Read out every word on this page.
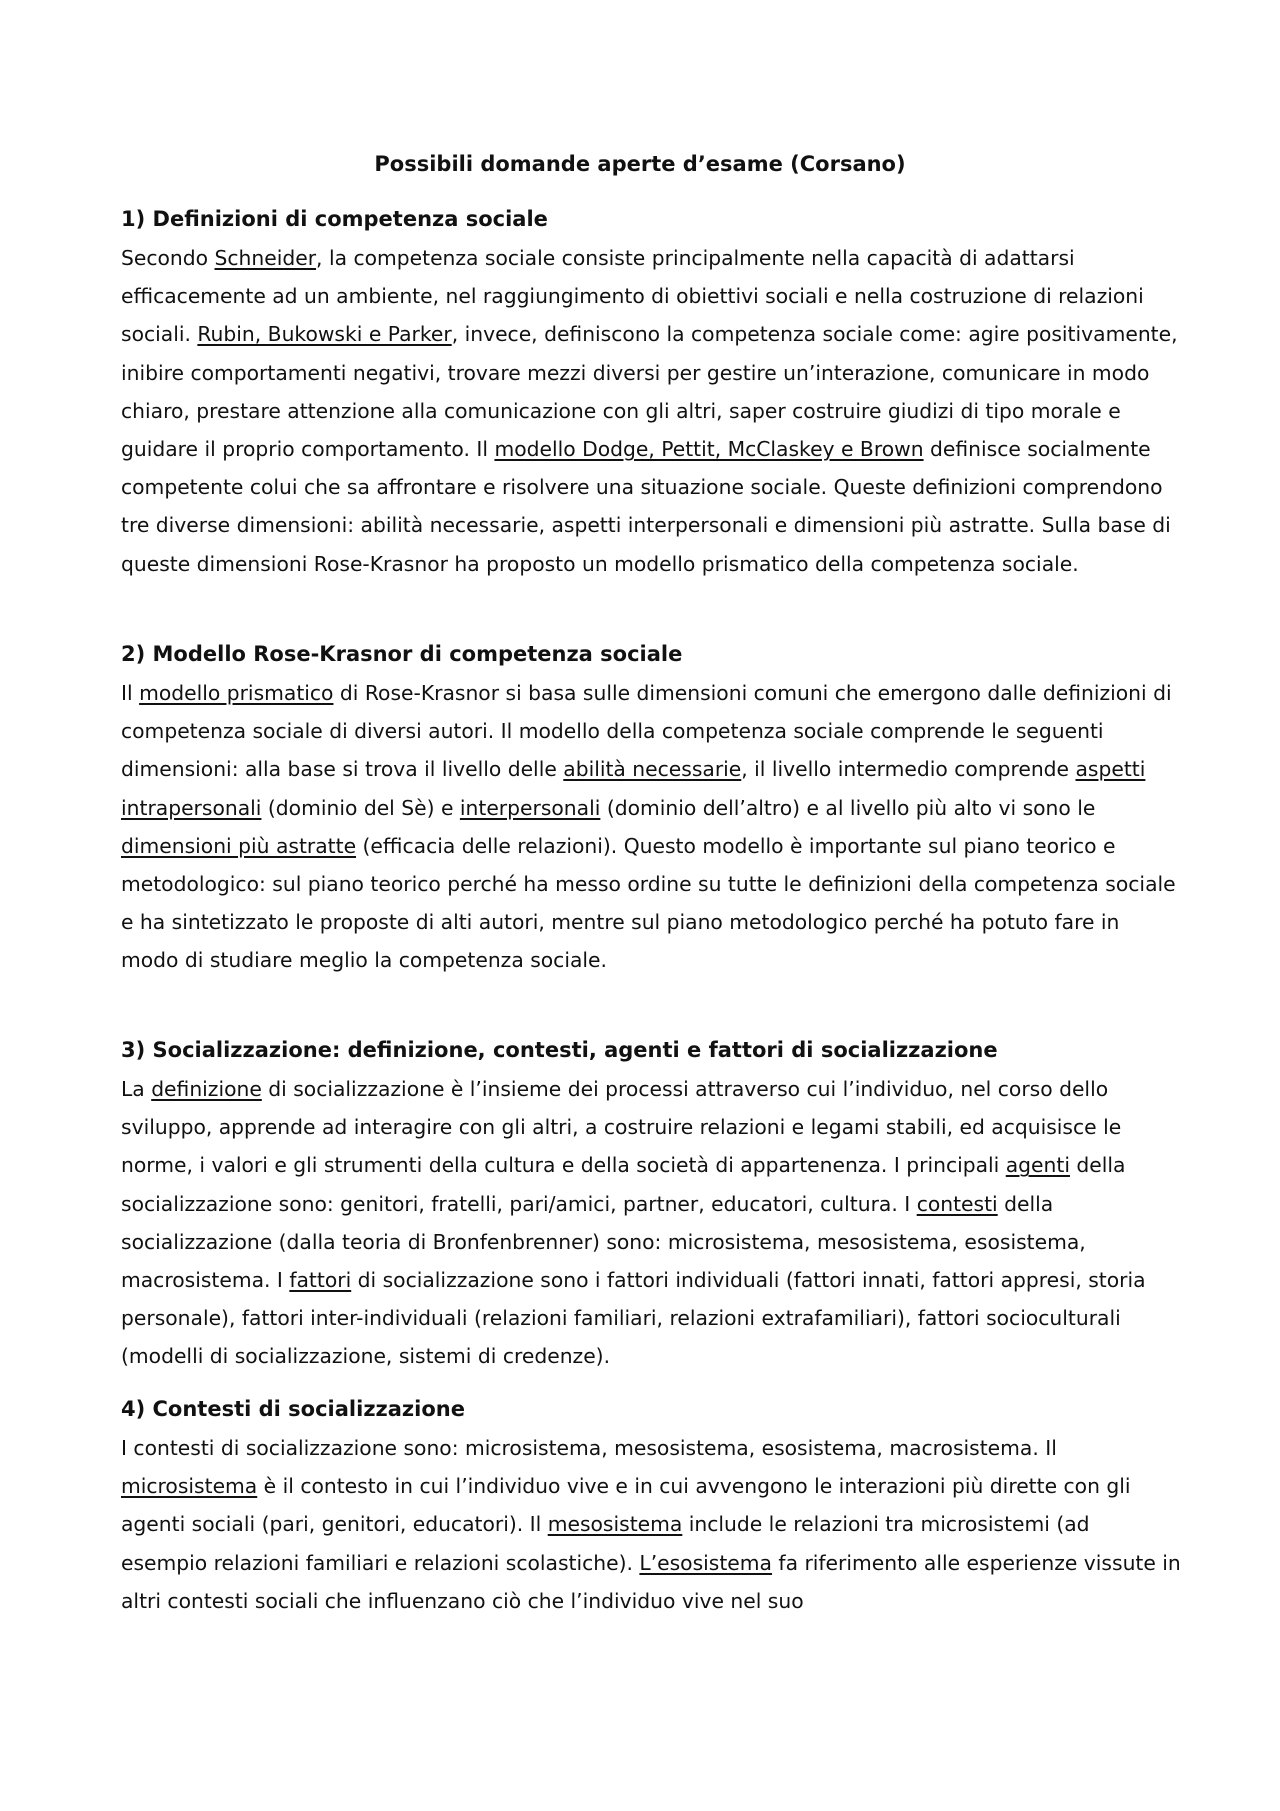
Possibili domande aperte d’esame (Corsano)
1) Definizioni di competenza sociale
Secondo Schneider, la competenza sociale consiste principalmente nella capacità di adattarsi efficacemente ad un ambiente, nel raggiungimento di obiettivi sociali e nella costruzione di relazioni sociali. Rubin, Bukowski e Parker, invece, definiscono la competenza sociale come: agire positivamente, inibire comportamenti negativi, trovare mezzi diversi per gestire un’interazione, comunicare in modo chiaro, prestare attenzione alla comunicazione con gli altri, saper costruire giudizi di tipo morale e guidare il proprio comportamento. Il modello Dodge, Pettit, McClaskey e Brown definisce socialmente competente colui che sa affrontare e risolvere una situazione sociale. Queste definizioni comprendono tre diverse dimensioni: abilità necessarie, aspetti interpersonali e dimensioni più astratte. Sulla base di queste dimensioni Rose-Krasnor ha proposto un modello prismatico della competenza sociale.
2) Modello Rose-Krasnor di competenza sociale
Il modello prismatico di Rose-Krasnor si basa sulle dimensioni comuni che emergono dalle definizioni di competenza sociale di diversi autori. Il modello della competenza sociale comprende le seguenti dimensioni: alla base si trova il livello delle abilità necessarie, il livello intermedio comprende aspetti intrapersonali (dominio del Sè) e interpersonali (dominio dell’altro) e al livello più alto vi sono le dimensioni più astratte (efficacia delle relazioni). Questo modello è importante sul piano teorico e metodologico: sul piano teorico perché ha messo ordine su tutte le definizioni della competenza sociale e ha sintetizzato le proposte di alti autori, mentre sul piano metodologico perché ha potuto fare in modo di studiare meglio la competenza sociale.
3) Socializzazione: definizione, contesti, agenti e fattori di socializzazione
La definizione di socializzazione è l’insieme dei processi attraverso cui l’individuo, nel corso dello sviluppo, apprende ad interagire con gli altri, a costruire relazioni e legami stabili, ed acquisisce le norme, i valori e gli strumenti della cultura e della società di appartenenza. I principali agenti della socializzazione sono: genitori, fratelli, pari/amici, partner, educatori, cultura. I contesti della socializzazione (dalla teoria di Bronfenbrenner) sono: microsistema, mesosistema, esosistema, macrosistema. I fattori di socializzazione sono i fattori individuali (fattori innati, fattori appresi, storia personale), fattori inter-individuali (relazioni familiari, relazioni extrafamiliari), fattori socioculturali (modelli di socializzazione, sistemi di credenze).
4) Contesti di socializzazione
I contesti di socializzazione sono: microsistema, mesosistema, esosistema, macrosistema. Il microsistema è il contesto in cui l’individuo vive e in cui avvengono le interazioni più dirette con gli agenti sociali (pari, genitori, educatori). Il mesosistema include le relazioni tra microsistemi (ad esempio relazioni familiari e relazioni scolastiche). L’esosistema fa riferimento alle esperienze vissute in altri contesti sociali che influenzano ciò che l’individuo vive nel suo
